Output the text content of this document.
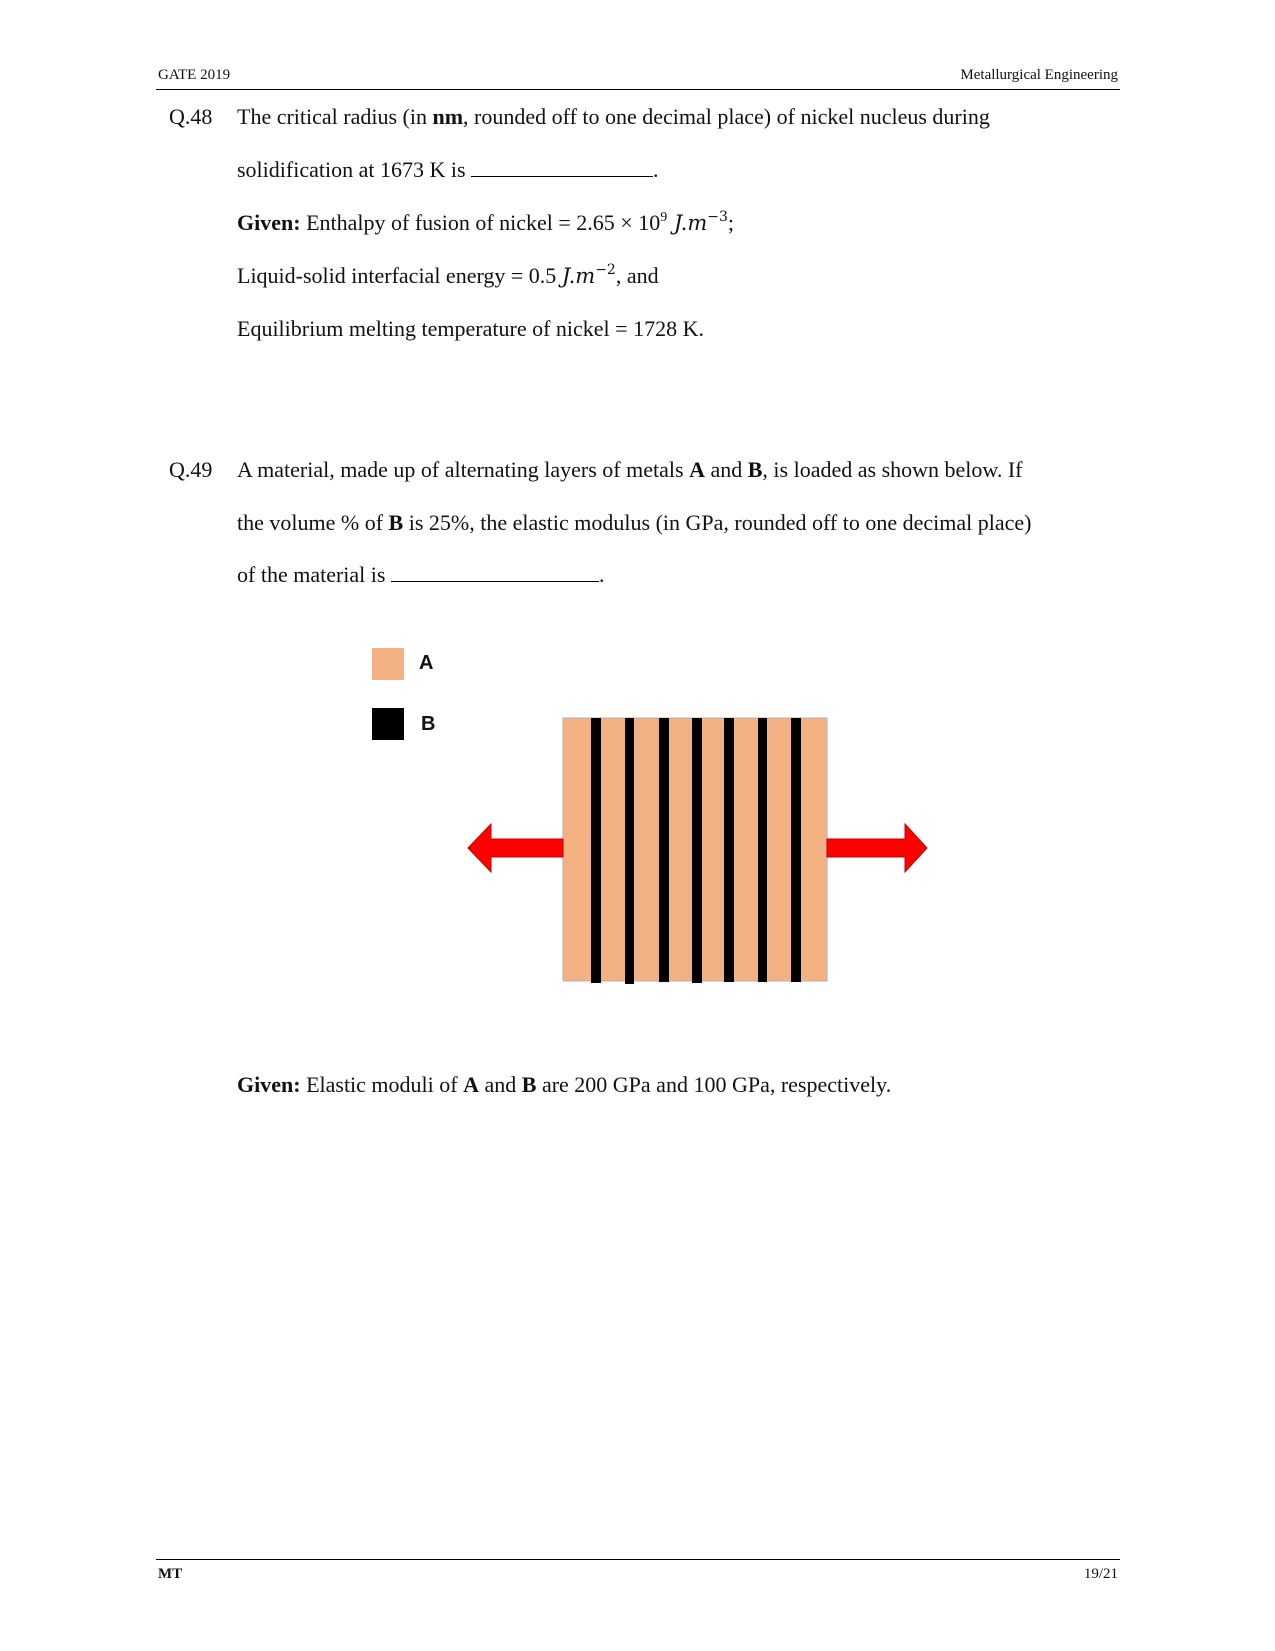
GATE 2019	Metallurgical Engineering
MT	19/21
Q.48 The critical radius (in nm, rounded off to one decimal place) of nickel nucleus during
solidification at 1673 K is	.
Given: Enthalpy of fusion of nickel = $2.65 \times 10^9$ $J.m^{-3}$;
Liquid-solid interfacial energy = 0.5 $J.m^{-2}$, and
Equilibrium melting temperature of nickel = 1728 K.
Q.49 A material, made up of alternating layers of metals A and B, is loaded as shown below. If
the volume % of B is 25%, the elastic modulus (in GPa, rounded off to one decimal place)
of the material is	.
A
B
Given: Elastic moduli of A and B are 200 GPa and 100 GPa, respectively.
